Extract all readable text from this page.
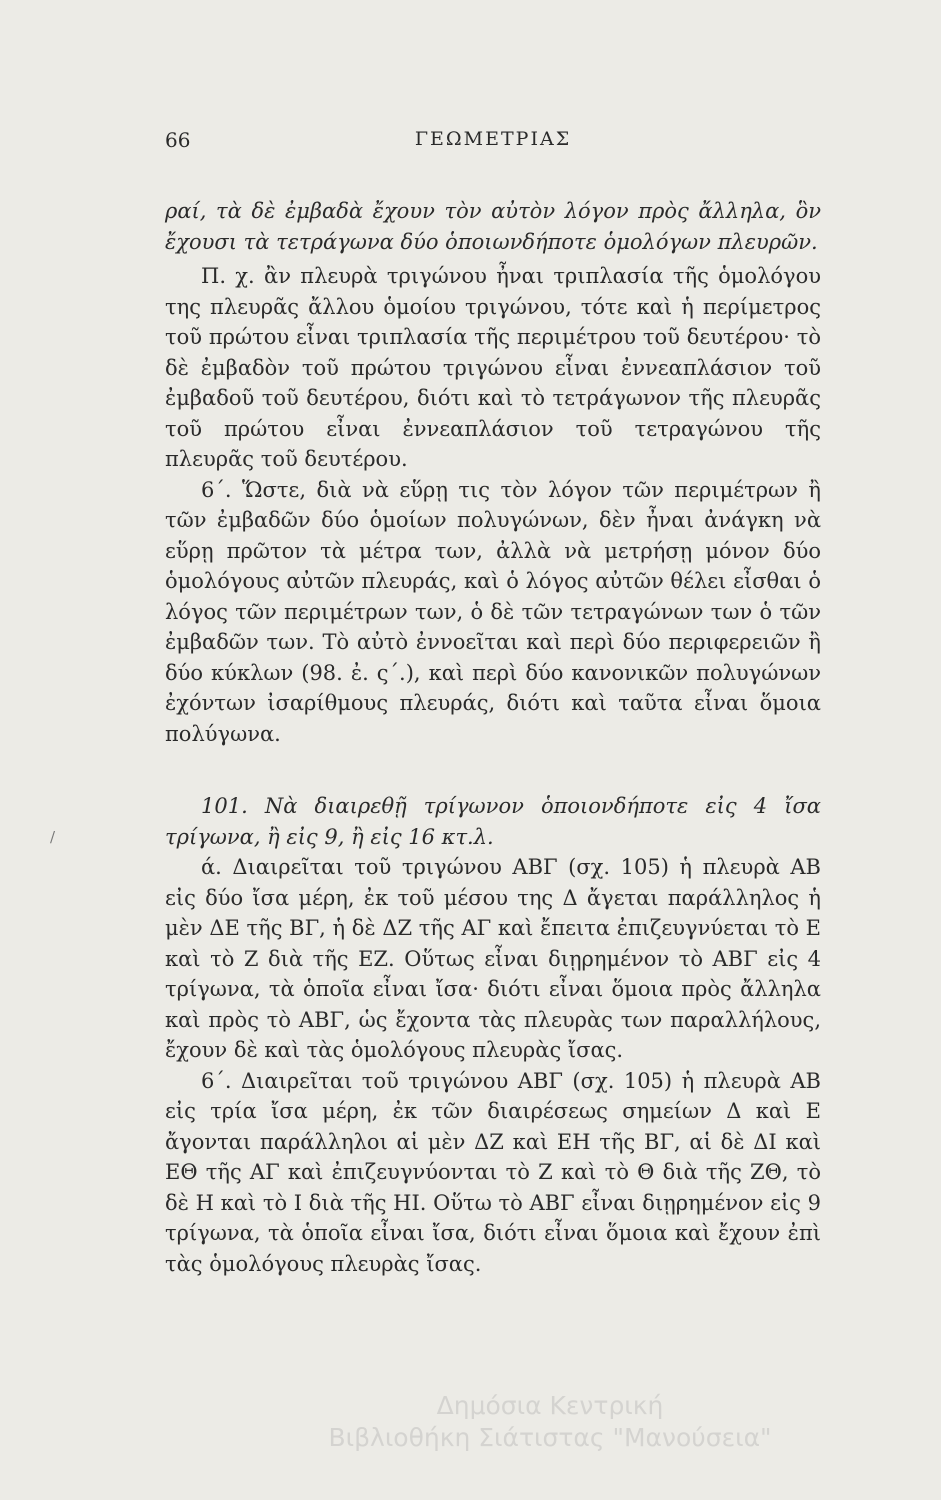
66	ΓΕΩΜΕΤΡΙΑΣ
/

ραί, τὰ δὲ ἐμβαδὰ ἔχουν τὸν αὐτὸν λόγον πρὸς ἄλληλα, ὃν ἔχουσι τὰ τετράγωνα δύο ὁποιωνδήποτε ὁμολόγων πλευρῶν.

Π. χ. ἂν πλευρὰ τριγώνου ἦναι τριπλασία τῆς ὁμολόγου της πλευρᾶς ἄλλου ὁμοίου τριγώνου, τότε καὶ ἡ περίμετρος τοῦ πρώτου εἶναι τριπλασία τῆς περιμέτρου τοῦ δευτέρου· τὸ δὲ ἐμβαδὸν τοῦ πρώτου τριγώνου εἶναι ἐννεαπλάσιον τοῦ ἐμβαδοῦ τοῦ δευτέρου, διότι καὶ τὸ τετράγωνον τῆς πλευρᾶς τοῦ πρώτου εἶναι ἐννεαπλάσιον τοῦ τετραγώνου τῆς πλευρᾶς τοῦ δευτέρου.

6΄. Ὥστε, διὰ νὰ εὕρῃ τις τὸν λόγον τῶν περιμέτρων ἢ τῶν ἐμβαδῶν δύο ὁμοίων πολυγώνων, δὲν ἦναι ἀνάγκη νὰ εὕρῃ πρῶτον τὰ μέτρα των, ἀλλὰ νὰ μετρήσῃ μόνον δύο ὁμολόγους αὐτῶν πλευράς, καὶ ὁ λόγος αὐτῶν θέλει εἶσθαι ὁ λόγος τῶν περιμέτρων των, ὁ δὲ τῶν τετραγώνων των ὁ τῶν ἐμβαδῶν των. Τὸ αὐτὸ ἐννοεῖται καὶ περὶ δύο περιφερειῶν ἢ δύο κύκλων (98. ἐ. ς΄.), καὶ περὶ δύο κανονικῶν πολυγώνων ἐχόντων ἰσαρίθμους πλευράς, διότι καὶ ταῦτα εἶναι ὅμοια πολύγωνα.

101. Νὰ διαιρεθῇ τρίγωνον ὁποιονδήποτε εἰς 4 ἴσα τρίγωνα, ἢ εἰς 9, ἢ εἰς 16 κτ.λ.

ά. Διαιρεῖται τοῦ τριγώνου ΑΒΓ (σχ. 105) ἡ πλευρὰ ΑΒ εἰς δύο ἴσα μέρη, ἐκ τοῦ μέσου της Δ ἄγεται παράλληλος ἡ μὲν ΔΕ τῆς ΒΓ, ἡ δὲ ΔΖ τῆς ΑΓ καὶ ἔπειτα ἐπιζευγνύεται τὸ Ε καὶ τὸ Ζ διὰ τῆς ΕΖ. Οὕτως εἶναι διῃρημένον τὸ ΑΒΓ εἰς 4 τρίγωνα, τὰ ὁποῖα εἶναι ἴσα· διότι εἶναι ὅμοια πρὸς ἄλληλα καὶ πρὸς τὸ ΑΒΓ, ὡς ἔχοντα τὰς πλευρὰς των παραλλήλους, ἔχουν δὲ καὶ τὰς ὁμολόγους πλευρὰς ἴσας.

6΄. Διαιρεῖται τοῦ τριγώνου ΑΒΓ (σχ. 105) ἡ πλευρὰ ΑΒ εἰς τρία ἴσα μέρη, ἐκ τῶν διαιρέσεως σημείων Δ καὶ Ε ἄγονται παράλληλοι αἱ μὲν ΔΖ καὶ ΕΗ τῆς ΒΓ, αἱ δὲ ΔΙ καὶ ΕΘ τῆς ΑΓ καὶ ἐπιζευγνύονται τὸ Ζ καὶ τὸ Θ διὰ τῆς ΖΘ, τὸ δὲ Η καὶ τὸ Ι διὰ τῆς ΗΙ. Οὕτω τὸ ΑΒΓ εἶναι διῃρημένον εἰς 9 τρίγωνα, τὰ ὁποῖα εἶναι ἴσα, διότι εἶναι ὅμοια καὶ ἔχουν ἐπὶ τὰς ὁμολόγους πλευρὰς ἴσας.

Δημόσια Κεντρική
Βιβλιοθήκη Σιάτιστας "Μανούσεια"
